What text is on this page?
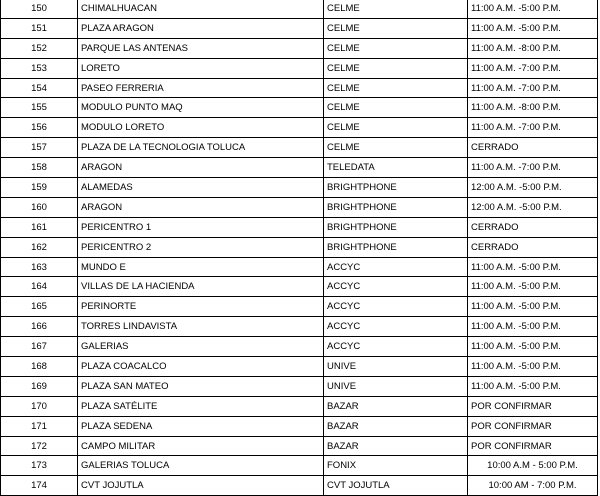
150	CHIMALHUACAN	CELME	11:00 A.M. -5:00 P.M.
151	PLAZA ARAGON	CELME	11:00 A.M. -5:00 P.M.
152	PARQUE LAS ANTENAS	CELME	11:00 A.M. -8:00 P.M.
153	LORETO	CELME	11:00 A.M. -7:00 P.M.
154	PASEO FERRERIA	CELME	11:00 A.M. -7:00 P.M.
155	MODULO PUNTO MAQ	CELME	11:00 A.M. -8:00 P.M.
156	MODULO LORETO	CELME	11:00 A.M. -7:00 P.M.
157	PLAZA DE LA TECNOLOGIA TOLUCA	CELME	CERRADO
158	ARAGON	TELEDATA	11:00 A.M. -7:00 P.M.
159	ALAMEDAS	BRIGHTPHONE	12:00 A.M. -5:00 P.M.
160	ARAGON	BRIGHTPHONE	12:00 A.M. -5:00 P.M.
161	PERICENTRO 1	BRIGHTPHONE	CERRADO
162	PERICENTRO 2	BRIGHTPHONE	CERRADO
163	MUNDO E	ACCYC	11:00 A.M. -5:00 P.M.
164	VILLAS DE LA HACIENDA	ACCYC	11:00 A.M. -5:00 P.M.
165	PERINORTE	ACCYC	11:00 A.M. -5:00 P.M.
166	TORRES LINDAVISTA	ACCYC	11:00 A.M. -5:00 P.M.
167	GALERIAS	ACCYC	11:00 A.M. -5:00 P.M.
168	PLAZA COACALCO	UNIVE	11:00 A.M. -5:00 P.M.
169	PLAZA SAN MATEO	UNIVE	11:00 A.M. -5:00 P.M.
170	PLAZA SATÉLITE	BAZAR	POR CONFIRMAR
171	PLAZA SEDENA	BAZAR	POR CONFIRMAR
172	CAMPO MILITAR	BAZAR	POR CONFIRMAR
173	GALERIAS TOLUCA	FONIX	10:00 A.M - 5:00 P.M.
174	CVT JOJUTLA	CVT JOJUTLA	10:00 AM - 7:00 P.M.
